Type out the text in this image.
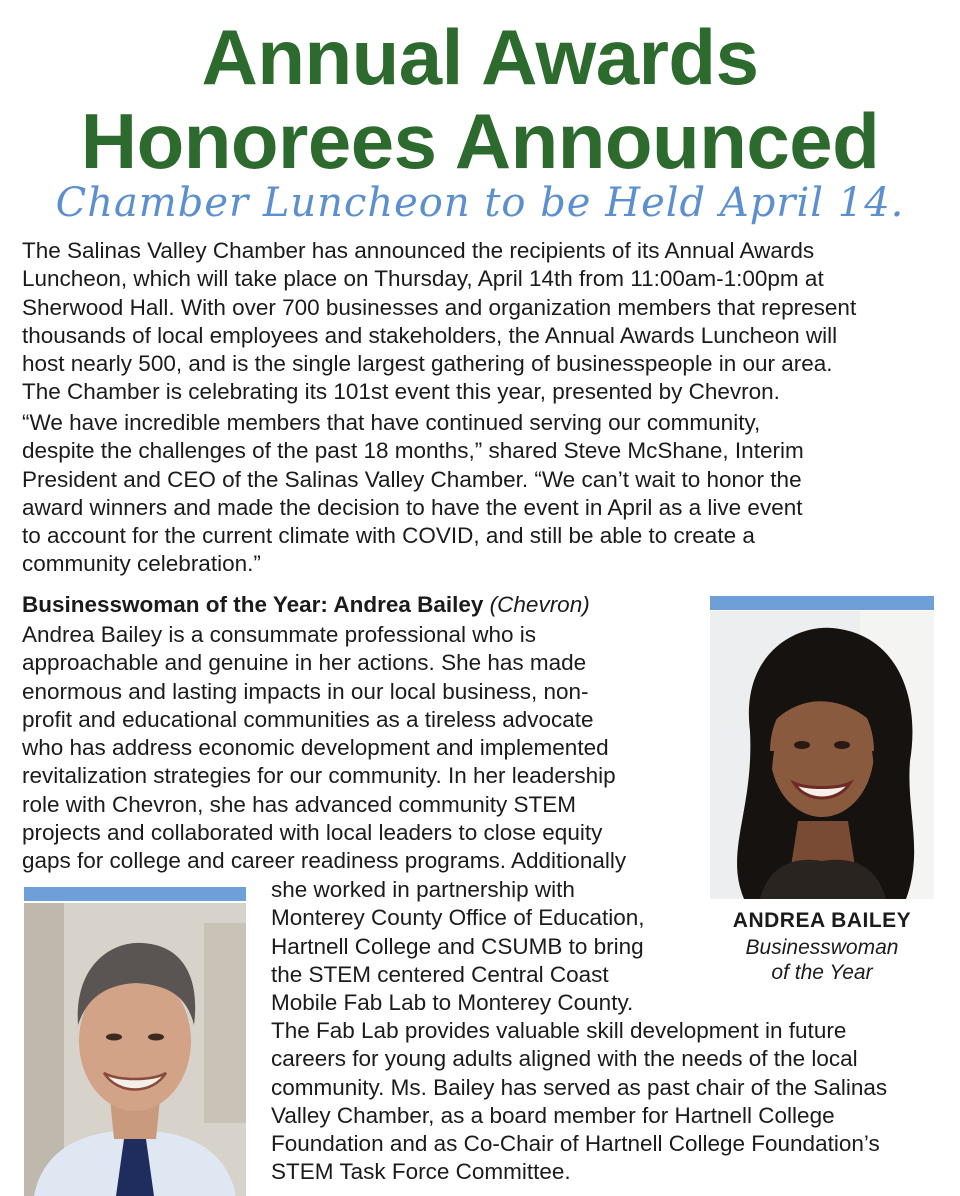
Annual Awards
Honorees Announced
Chamber Luncheon to be Held April 14.

The Salinas Valley Chamber has announced the recipients of its Annual Awards
Luncheon, which will take place on Thursday, April 14th from 11:00am-1:00pm at
Sherwood Hall. With over 700 businesses and organization members that represent
thousands of local employees and stakeholders, the Annual Awards Luncheon will
host nearly 500, and is the single largest gathering of businesspeople in our area.
The Chamber is celebrating its 101st event this year, presented by Chevron.

“We have incredible members that have continued serving our community,
despite the challenges of the past 18 months,” shared Steve McShane, Interim
President and CEO of the Salinas Valley Chamber. “We can’t wait to honor the
award winners and made the decision to have the event in April as a live event
to account for the current climate with COVID, and still be able to create a
community celebration.”

Businesswoman of the Year: Andrea Bailey (Chevron)

Andrea Bailey is a consummate professional who is
approachable and genuine in her actions. She has made
enormous and lasting impacts in our local business, non-
profit and educational communities as a tireless advocate
who has address economic development and implemented
revitalization strategies for our community. In her leadership
role with Chevron, she has advanced community STEM
projects and collaborated with local leaders to close equity
gaps for college and career readiness programs. Additionally

she worked in partnership with
Monterey County Office of Education,
Hartnell College and CSUMB to bring
the STEM centered Central Coast
Mobile Fab Lab to Monterey County.

The Fab Lab provides valuable skill development in future
careers for young adults aligned with the needs of the local
community. Ms. Bailey has served as past chair of the Salinas
Valley Chamber, as a board member for Hartnell College
Foundation and as Co-Chair of Hartnell College Foundation’s
STEM Task Force Committee.

ANDREA BAILEY
Businesswoman
of the Year
